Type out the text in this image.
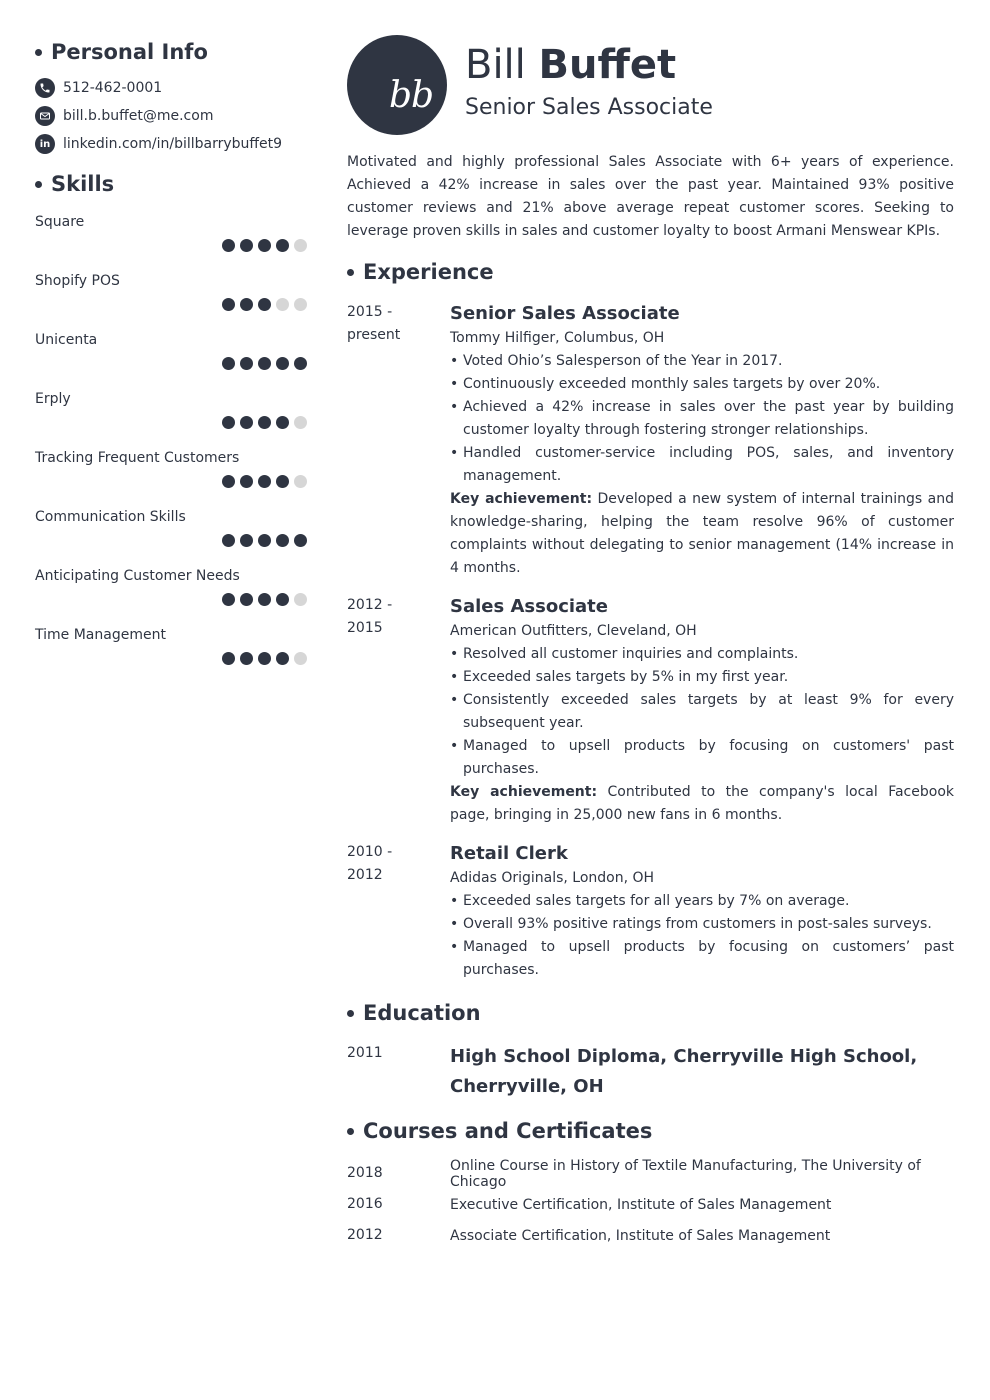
Personal Info
512-462-0001
bill.b.buffet@me.com
in linkedin.com/in/billbarrybuffet9
Skills
Square
Shopify POS
Unicenta
Erply
Tracking Frequent Customers
Communication Skills
Anticipating Customer Needs
Time Management
bb
Bill Buffet
Senior Sales Associate

Motivated and highly professional Sales Associate with 6+ years of experience. Achieved a 42% increase in sales over the past year. Maintained 93% positive customer reviews and 21% above average repeat customer scores. Seeking to leverage proven skills in sales and customer loyalty to boost Armani Menswear KPIs.

Experience
2015 -
present
Senior Sales Associate
Tommy Hilfiger, Columbus, OH
• Voted Ohio’s Salesperson of the Year in 2017.
• Continuously exceeded monthly sales targets by over 20%.
• Achieved a 42% increase in sales over the past year by building customer loyalty through fostering stronger relationships.
• Handled customer-service including POS, sales, and inventory management.
Key achievement: Developed a new system of internal trainings and knowledge-sharing, helping the team resolve 96% of customer complaints without delegating to senior management (14% increase in 4 months.
2012 -
2015
Sales Associate
American Outfitters, Cleveland, OH
• Resolved all customer inquiries and complaints.
• Exceeded sales targets by 5% in my first year.
• Consistently exceeded sales targets by at least 9% for every subsequent year.
• Managed to upsell products by focusing on customers' past purchases.
Key achievement: Contributed to the company's local Facebook page, bringing in 25,000 new fans in 6 months.
2010 -
2012
Retail Clerk
Adidas Originals, London, OH
• Exceeded sales targets for all years by 7% on average.
• Overall 93% positive ratings from customers in post-sales surveys.
• Managed to upsell products by focusing on customers’ past purchases.
Education
2011	High School Diploma, Cherryville High School, Cherryville, OH
Courses and Certificates
2018	Online Course in History of Textile Manufacturing, The University of Chicago
2016	Executive Certification, Institute of Sales Management
2012	Associate Certification, Institute of Sales Management
